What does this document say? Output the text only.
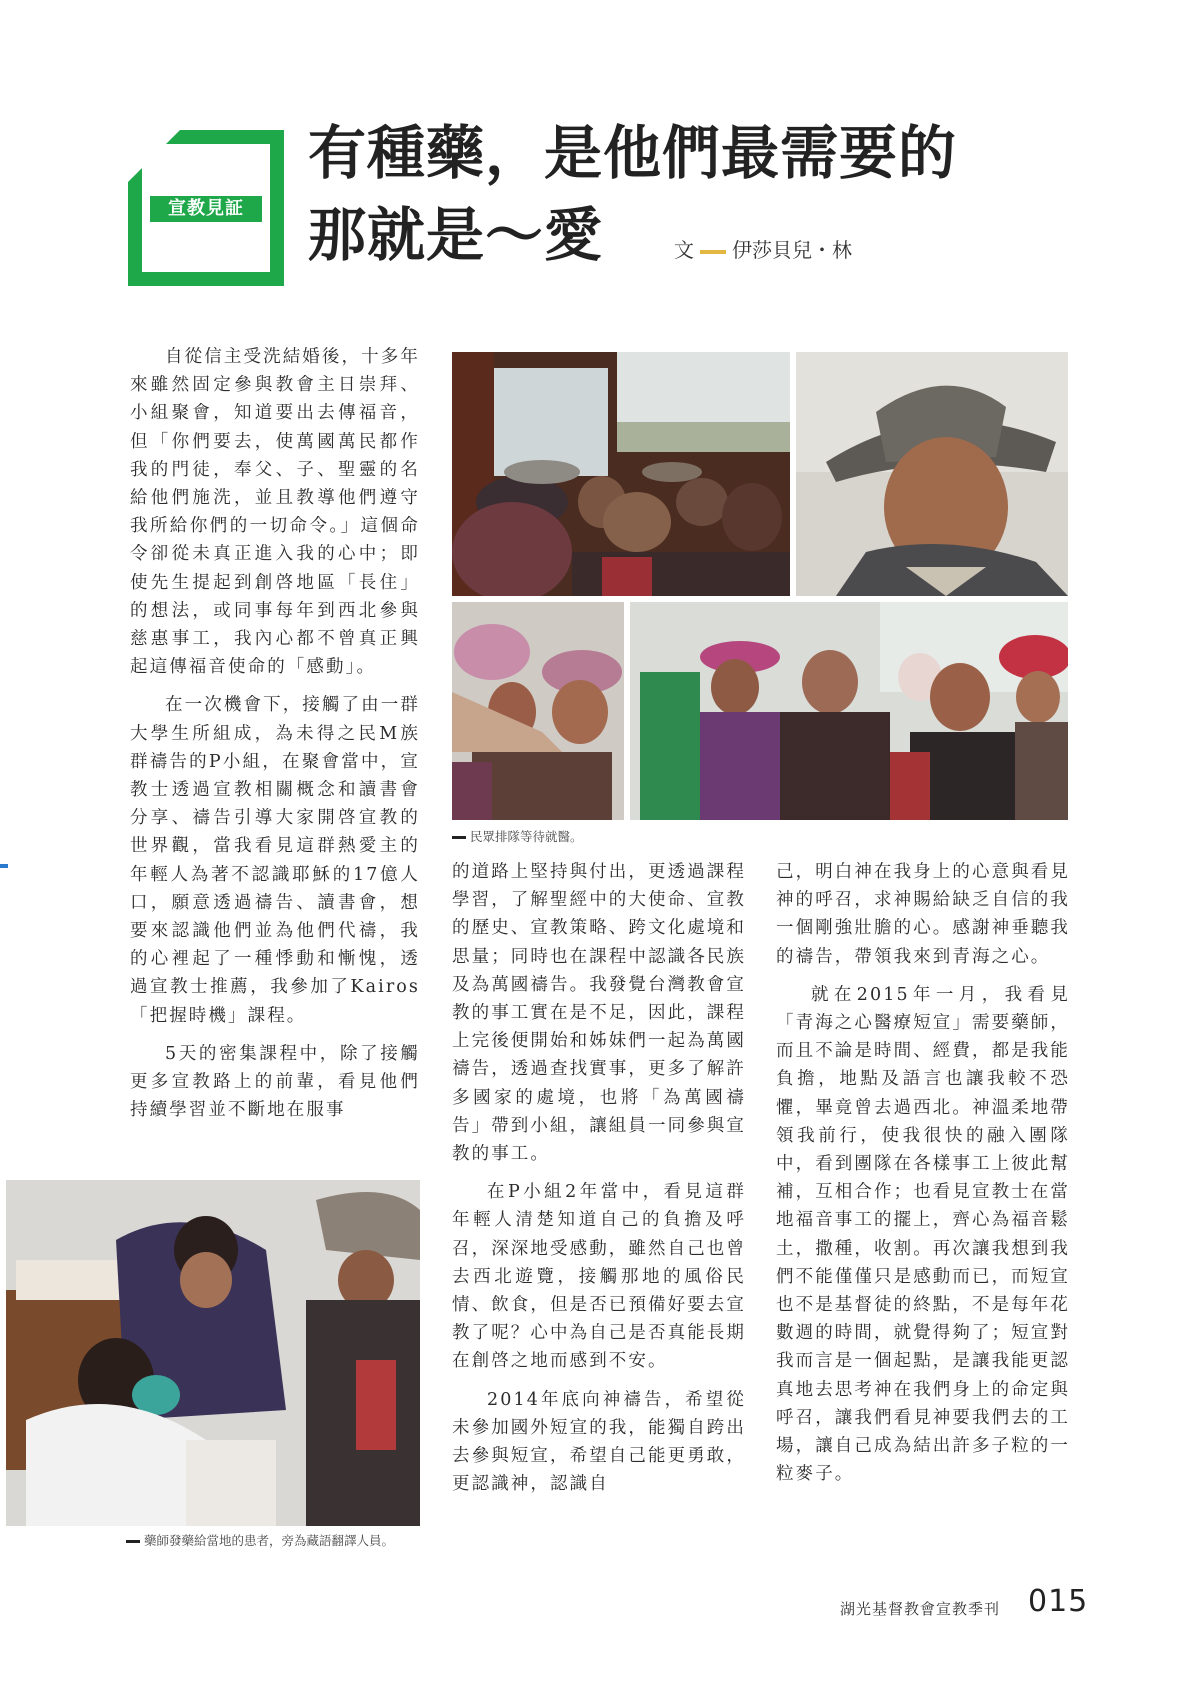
宣教見証
有種藥，是他們最需要的
那就是～愛	文 伊莎貝兒・林

自從信主受洗結婚後，十多年來雖然固定參與教會主日崇拜、小組聚會，知道要出去傳福音，但「你們要去，使萬國萬民都作我的門徒，奉父、子、聖靈的名給他們施洗，並且教導他們遵守我所給你們的一切命令。」這個命令卻從未真正進入我的心中；即使先生提起到創啓地區「長住」的想法，或同事每年到西北參與慈惠事工，我內心都不曾真正興起這傳福音使命的「感動」。

在一次機會下，接觸了由一群大學生所組成，為未得之民M族群禱告的P小組，在聚會當中，宣教士透過宣教相關概念和讀書會分享、禱告引導大家開啓宣教的世界觀，當我看見這群熱愛主的年輕人為著不認識耶穌的17億人口，願意透過禱告、讀書會，想要來認識他們並為他們代禱，我的心裡起了一種悸動和慚愧，透過宣教士推薦，我參加了Kairos「把握時機」課程。

5天的密集課程中，除了接觸更多宣教路上的前輩，看見他們持續學習並不斷地在服事

的道路上堅持與付出，更透過課程學習，了解聖經中的大使命、宣教的歷史、宣教策略、跨文化處境和思量；同時也在課程中認識各民族及為萬國禱告。我發覺台灣教會宣教的事工實在是不足，因此，課程上完後便開始和姊妹們一起為萬國禱告，透過查找實事，更多了解許多國家的處境，也將「為萬國禱告」帶到小組，讓組員一同參與宣教的事工。

在P小組2年當中，看見這群年輕人清楚知道自己的負擔及呼召，深深地受感動，雖然自己也曾去西北遊覽，接觸那地的風俗民情、飲食，但是否已預備好要去宣教了呢？心中為自己是否真能長期在創啓之地而感到不安。

2014年底向神禱告，希望從未參加國外短宣的我，能獨自跨出去參與短宣，希望自己能更勇敢，更認識神，認識自

己，明白神在我身上的心意與看見神的呼召，求神賜給缺乏自信的我一個剛強壯膽的心。感謝神垂聽我的禱告，帶領我來到青海之心。

就在2015年一月，我看見「青海之心醫療短宣」需要藥師，而且不論是時間、經費，都是我能負擔，地點及語言也讓我較不恐懼，畢竟曾去過西北。神溫柔地帶領我前行，使我很快的融入團隊中，看到團隊在各樣事工上彼此幫補，互相合作；也看見宣教士在當地福音事工的擺上，齊心為福音鬆土，撒種，收割。再次讓我想到我們不能僅僅只是感動而已，而短宣也不是基督徒的終點，不是每年花數週的時間，就覺得夠了；短宣對我而言是一個起點，是讓我能更認真地去思考神在我們身上的命定與呼召，讓我們看見神要我們去的工場，讓自己成為結出許多子粒的一粒麥子。

民眾排隊等待就醫。
藥師發藥給當地的患者，旁為藏語翻譯人員。
湖光基督教會宣教季刊 015
